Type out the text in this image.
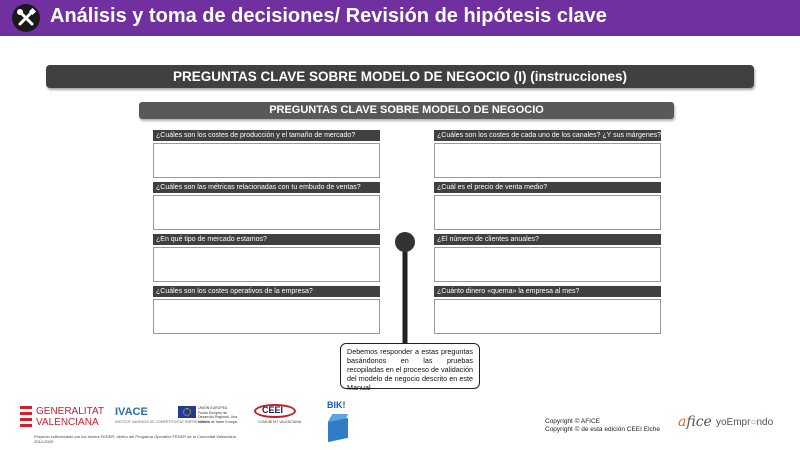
Análisis y toma de decisiones/ Revisión de hipótesis clave
PREGUNTAS CLAVE SOBRE MODELO DE NEGOCIO (I) (instrucciones)
PREGUNTAS CLAVE SOBRE MODELO DE NEGOCIO
¿Cuáles son los costes de producción y el tamaño de mercado?
¿Cuáles son las métricas relacionadas con tu embudo de ventas?
¿En qué tipo de mercado estamos?
¿Cuáles son los costes operativos de la empresa?
¿Cuáles son los costes de cada uno de los canales? ¿Y sus márgenes?
¿Cuál es el precio de venta medio?
¿El número de clientes anuales?
¿Cuánto dinero «quema» la empresa al mes?
Debemos responder a estas preguntas basándonos en las pruebas recopiladas en el proceso de validación del modelo de negocio descrito en este Manual
GENERALITAT
VALENCIANA
Proyecto cofinanciado por los fondos FEDER, dentro del Programa Operativo FEDER de la Comunitat Valenciana 2014-2020
IVACE
INSTITUT VALENCIÀ DE COMPETITIVITAT EMPRESARIAL
UNIÓN EUROPEA Fondo Europeo de Desarrollo Regional. Una manera de hacer Europa
CEEI
COMUNITAT VALENCIANA
BIK!
Copyright © AFICE
Copyright © de esta edición CEEI Elche afice yoEmpr○ndo
